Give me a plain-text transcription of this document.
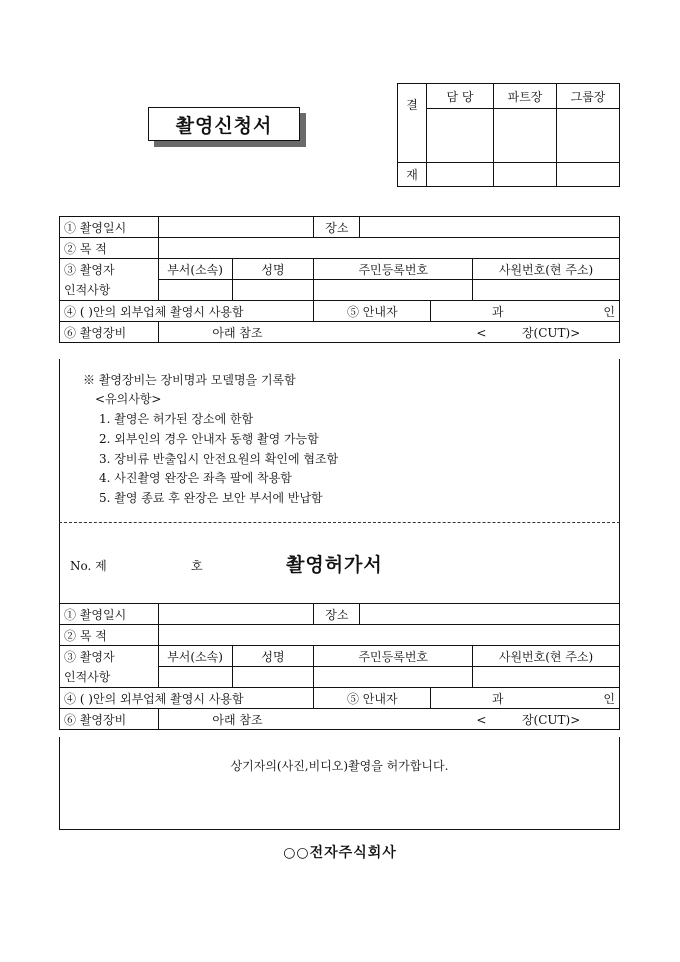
촬영신청서
결	담 당	파트장	그룹장

재			
① 촬영일시			장소			
② 목 적						
③ 촬영자	부서(소속)	성명	주민등록번호			사원번호(현 주소)
인적사항						
④ ( )안의 외부업체 촬영시 사용함			⑤ 안내자		과 인	

⑥ 촬영장비	아래 참조 < 장(CUT)>					
※ 촬영장비는 장비명과 모델명을 기록함
<유의사항>
1. 촬영은 허가된 장소에 한함
2. 외부인의 경우 안내자 동행 촬영 가능함
3. 장비류 반출입시 안전요원의 확인에 협조함
4. 사진촬영 완장은 좌측 팔에 착용함
5. 촬영 종료 후 완장은 보안 부서에 반납함
No. 제	호	촬영허가서
① 촬영일시			장소			
② 목 적						
③ 촬영자	부서(소속)	성명	주민등록번호			사원번호(현 주소)
인적사항						
④ ( )안의 외부업체 촬영시 사용함			⑤ 안내자		과 인	

⑥ 촬영장비	아래 참조 < 장(CUT)>					
상기자의(사진,비디오)촬영을 허가합니다.
○○전자주식회사
